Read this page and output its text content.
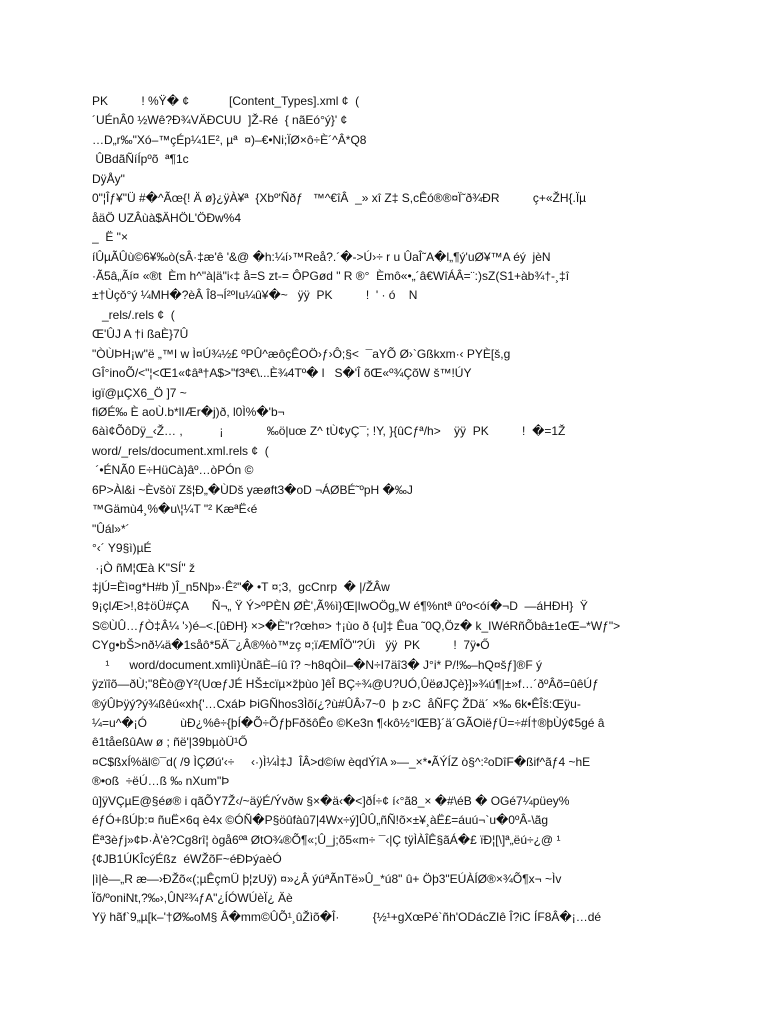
PK          ! %Ÿ� ¢            [Content_Types].xml ¢  (
´UÉnÂ0 ½Wê?Ð¾VÄÐCUU  ]Ž-Ré  { nãEó°ý}' ¢
…D„r‰"Xó–™çÉp¼1E², µª  ¤)–€•Ni;ÏØ×ô÷È´^Â*Q8
ÛBdãÑíÍpºõ  ª¶1c
DÿÅy"
0"¦Îƒ¥"Ü #�^Ãœ{! Ä ø}¿ÿÀ¥ª  {Xbº'Ñðƒ   ™^€îÂ  _» xî Z‡ S,cÊó®®¤Ï˜ð¾ÐR          ç+«ŽH{.Ïµ
åäÖ UZÂùà$ÄHÖL'ÖÐw%4
_  Ë "×
íÛµÃÛù©6¥‰ò(sÂ·‡æ'ê '&@ �h:¼í›™Reå?.´�->Ú›÷ r u ÛaÎ˜A�l„¶ý'uØ¥™A éý  jèN
·Ã5â„Ãí¤ «®t  Èm h^"à|ä"i‹‡ å=S zt-= ÔPGød " R ®°  Èmô«•„´â€WîÁÂ=¨:)sZ(S1+àb¾†-¸‡î
±†Ùçǒ°ý ¼MH�?èÂ Î8¬Í²ºIu¼û¥�~   ÿÿ  PK          !  ' · ó    N
_rels/.rels ¢  (
Œ'ÛJ A †i ßaÈ}7Û
"ÒÙÞH¡w"ë „™I w Ì¤Ú¾½£ ºPÛ^æôçÊOÖ›ƒ›Ô;§<  ¯aYÕ Ø›`Gßkxm·‹ PYÈ[š,g
GÎ°inoÕ/<"¦<Œ1«¢âª†A$>"f3ª€\...È¾4Tº� l   S�'Î õŒ«º¾ÇõW š™!ÚY
igï@µÇX6_Ö ]7 ~
fiØÉ‰ È aoÙ.b*lIÆr�j)ð, l0Ì%�'b¬
6àì¢ÕôDÿ_‹Ž… ,           ¡             ‰ö|uœ Z^ tÙ¢yÇ¯; !Y, }{ûCƒª/h>    ÿÿ  PK          !  �=1Ž
word/_rels/document.xml.rels ¢  (
´•ÉNÃ0 E÷HüCà}âº…òPÓn ©
6P>Àl&i ~Èvšòï Zš¦Ð„�ÙDš yæøft3�oD ¬ÁØBÉ˜ºpH �‰J
™Gämù4¸%�u\¦¼T "² KæªË‹é
"Ûál»*´
°‹´ Y9§ì)µÉ
·¡Ò ñM¦Œà K"SÍ" ž
‡jÚ=Èì¤g*H#b )Î_n5Nþ»·Ê²"� •T ¤;3,  gcCnrp  � |/ŽÂw
9¡çlÆ>!,8‡öÜ#ÇA       Ñ¬„ Ÿ Ý>ºPÈN ØÈ',Ã%ì}Œ|IwOÖg„W é¶%ntª ûºo<óí�¬D  —áHÐH}  Ÿ
S©ÙÛ…ƒÒ‡Â¼ '›)é–<.[ûÐH} ×>�È"r?œh¤> †¡ùo ð {u]‡ Êua ˜0Q,Öz� k_IWéRñÕbâ±1eŒ–*Wƒ">
CYg•bŠ>nð¼ä�1såô*5Ä¯¿Â®%ò™zç ¤;ïÆMÎÖ"?Úì   ÿÿ  PK          !  7ÿ•Ő
¹      word/document.xmlì}ÙnãÈ–íû î? ~h8qÒiI–�N÷I7äî3� J°i* P/!‰–hQ¤šƒ]®F ý
ÿzïîõ—ðÙ;"8Èò@Y²(UœƒJÉ HŠ±cïµ×žþùo ]êÎ BÇ÷¾@U?UÓ,ÛëøJÇè}]»¾ú¶|±»f…´ðºÂõ=ûêÚƒ
®ýÛÞÿý?ý¾ßêú«xh{'…CxáÞ ÞiGÑhos3Ìõí¿?ù#ÛÂ›7~0  þ z›C  åÑFÇ ŽDä´ ×‰ 6k•ÊÎš:Œÿu-
¼=u^�¡Ó          ùÐ¿%ê÷{þÍ�Õ÷ÕƒþFðšôÊo ©Ke3n ¶‹kô½°lŒB}´ä´GÃOiëƒÜ=÷#Í†®þÙý¢5gé â
ê1tåeßûAw ø ; ñë'|39bµòÜ¹Ő
¤C$ßxÍ%äl©¯d( /9 ÌÇØú'‹÷     ‹·)Ì¼Ì‡J  ÎÂ>d©íw èqdÝîA »—_×*•ÃÝÍZ ò§^:²oDîF�ßif^ãƒ4 ~hE
®•oß  ÷ëÚ…ß ‰ nXum"Þ
û]ÿVÇµE@§éø® i qãÕY7Ž‹/~äÿÉ/Ývðw §×�ä‹�<]ðÍ÷¢ í‹°ã8_× �#\éB � OGé7¼püey%
éƒÓ+ßÚþ:¤ ñuË×6q è4x ©ÓÑ�P§öûfàû7|4Wx÷ý]ÛÛ„ñÑ!õ×±¥¸àË£=áuú¬`u�0ºÂ-\ãg
Ëª3èƒj»¢Þ·À'è?Cg8rî¦ ògå6ºª ØtO¾®Õ¶«;Û_j;õ5«m÷ ¯‹|Ç tÿÌÀÎÊ§ãÁ�£ ïÐ¦[\]ª„ëú÷¿@ ¹
{¢JB1ÚKÎcýÉßz  éWŽõF~éÐÞýaèÓ
|ì|è—„R æ—›ÐŽõ«(;µÊçmÜ þ¦zUÿ) ¤»¿Â ýúªÃnTë»Û_*ú8" û+ Öþ3"EÚÀÍØ®×¾Õ¶x¬ ~Ìv
Ïõ/ºoniNt,?‰›,ÛN²¾ƒA"¿ÍÓWÚèÏ¿ Äè
Yÿ hãf`9„µ[k–'†Ø‰oM§ Â�mm©ÛÕ¹¸ûŽìõ�Î·          {½¹+gXœPé`ñh'ODácZIê Î?iC ÍF8Â�¡…dé
